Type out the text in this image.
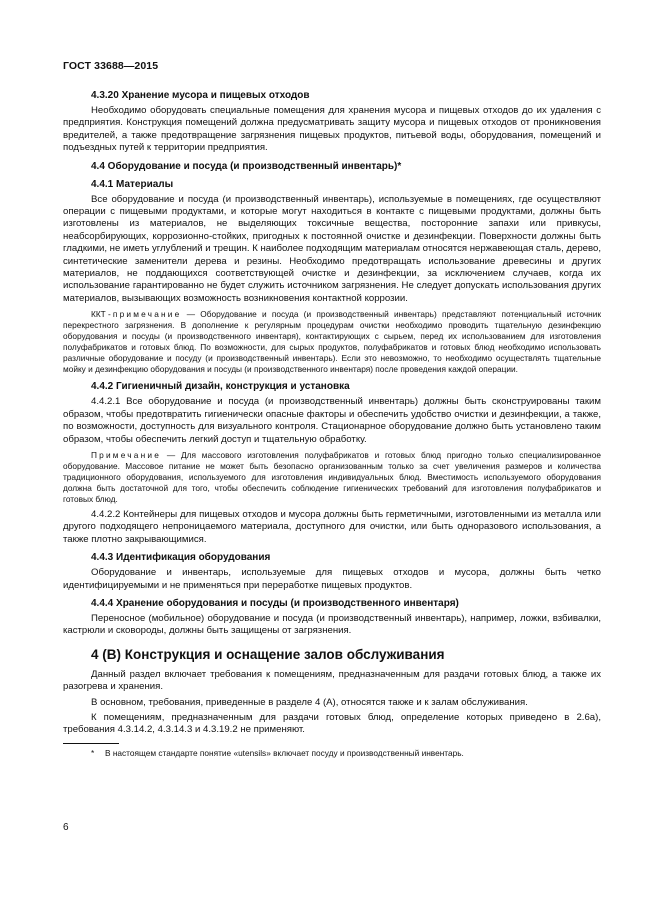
ГОСТ 33688—2015
4.3.20 Хранение мусора и пищевых отходов

Необходимо оборудовать специальные помещения для хранения мусора и пищевых отходов до их удаления с предприятия. Конструкция помещений должна предусматривать защиту мусора и пищевых отходов от проникновения вредителей, а также предотвращение загрязнения пищевых продуктов, питьевой воды, оборудования, помещений и подъездных путей к территории предприятия.

4.4 Оборудование и посуда (и производственный инвентарь)*
4.4.1 Материалы

Все оборудование и посуда (и производственный инвентарь), используемые в помещениях, где осуществляют операции с пищевыми продуктами, и которые могут находиться в контакте с пищевыми продуктами, должны быть изготовлены из материалов, не выделяющих токсичные вещества, посторонние запахи или привкусы, неабсорбирующих, коррозионно-стойких, пригодных к постоянной очистке и дезинфекции. Поверхности должны быть гладкими, не иметь углублений и трещин. К наиболее подходящим материалам относятся нержавеющая сталь, дерево, синтетические заменители дерева и резины. Необходимо предотвращать использование древесины и других материалов, не поддающихся соответствующей очистке и дезинфекции, за исключением случаев, когда их использование гарантированно не будет служить источником загрязнения. Не следует допускать использования других материалов, вызывающих возможность возникновения контактной коррозии.

ККТ-примечание — Оборудование и посуда (и производственный инвентарь) представляют потенциальный источник перекрестного загрязнения. В дополнение к регулярным процедурам очистки необходимо проводить тщательную дезинфекцию оборудования и посуды (и производственного инвентаря), контактирующих с сырьем, перед их использованием для изготовления полуфабрикатов и готовых блюд. По возможности, для сырых продуктов, полуфабрикатов и готовых блюд необходимо использовать различные оборудование и посуду (и производственный инвентарь). Если это невозможно, то необходимо осуществлять тщательные мойку и дезинфекцию оборудования и посуды (и производственного инвентаря) после проведения каждой операции.

4.4.2 Гигиеничный дизайн, конструкция и установка

4.4.2.1 Все оборудование и посуда (и производственный инвентарь) должны быть сконструированы таким образом, чтобы предотвратить гигиенически опасные факторы и обеспечить удобство очистки и дезинфекции, а также, по возможности, доступность для визуального контроля. Стационарное оборудование должно быть установлено таким образом, чтобы обеспечить легкий доступ и тщательную обработку.

Примечание — Для массового изготовления полуфабрикатов и готовых блюд пригодно только специализированное оборудование. Массовое питание не может быть безопасно организованным только за счет увеличения размеров и количества традиционного оборудования, используемого для изготовления индивидуальных блюд. Вместимость используемого оборудования должна быть достаточной для того, чтобы обеспечить соблюдение гигиенических требований для изготовления полуфабрикатов и готовых блюд.

4.4.2.2 Контейнеры для пищевых отходов и мусора должны быть герметичными, изготовленными из металла или другого подходящего непроницаемого материала, доступного для очистки, или быть одноразового использования, а также плотно закрывающимися.

4.4.3 Идентификация оборудования

Оборудование и инвентарь, используемые для пищевых отходов и мусора, должны быть четко идентифицируемыми и не применяться при переработке пищевых продуктов.

4.4.4 Хранение оборудования и посуды (и производственного инвентаря)

Переносное (мобильное) оборудование и посуда (и производственный инвентарь), например, ложки, взбивалки, кастрюли и сковороды, должны быть защищены от загрязнения.

4 (В) Конструкция и оснащение залов обслуживания

Данный раздел включает требования к помещениям, предназначенным для раздачи готовых блюд, а также их разогрева и хранения.

В основном, требования, приведенные в разделе 4 (А), относятся также и к залам обслуживания.

К помещениям, предназначенным для раздачи готовых блюд, определение которых приведено в 2.6а), требования 4.3.14.2, 4.3.14.3 и 4.3.19.2 не применяют.

* В настоящем стандарте понятие «utensils» включает посуду и производственный инвентарь.

6
